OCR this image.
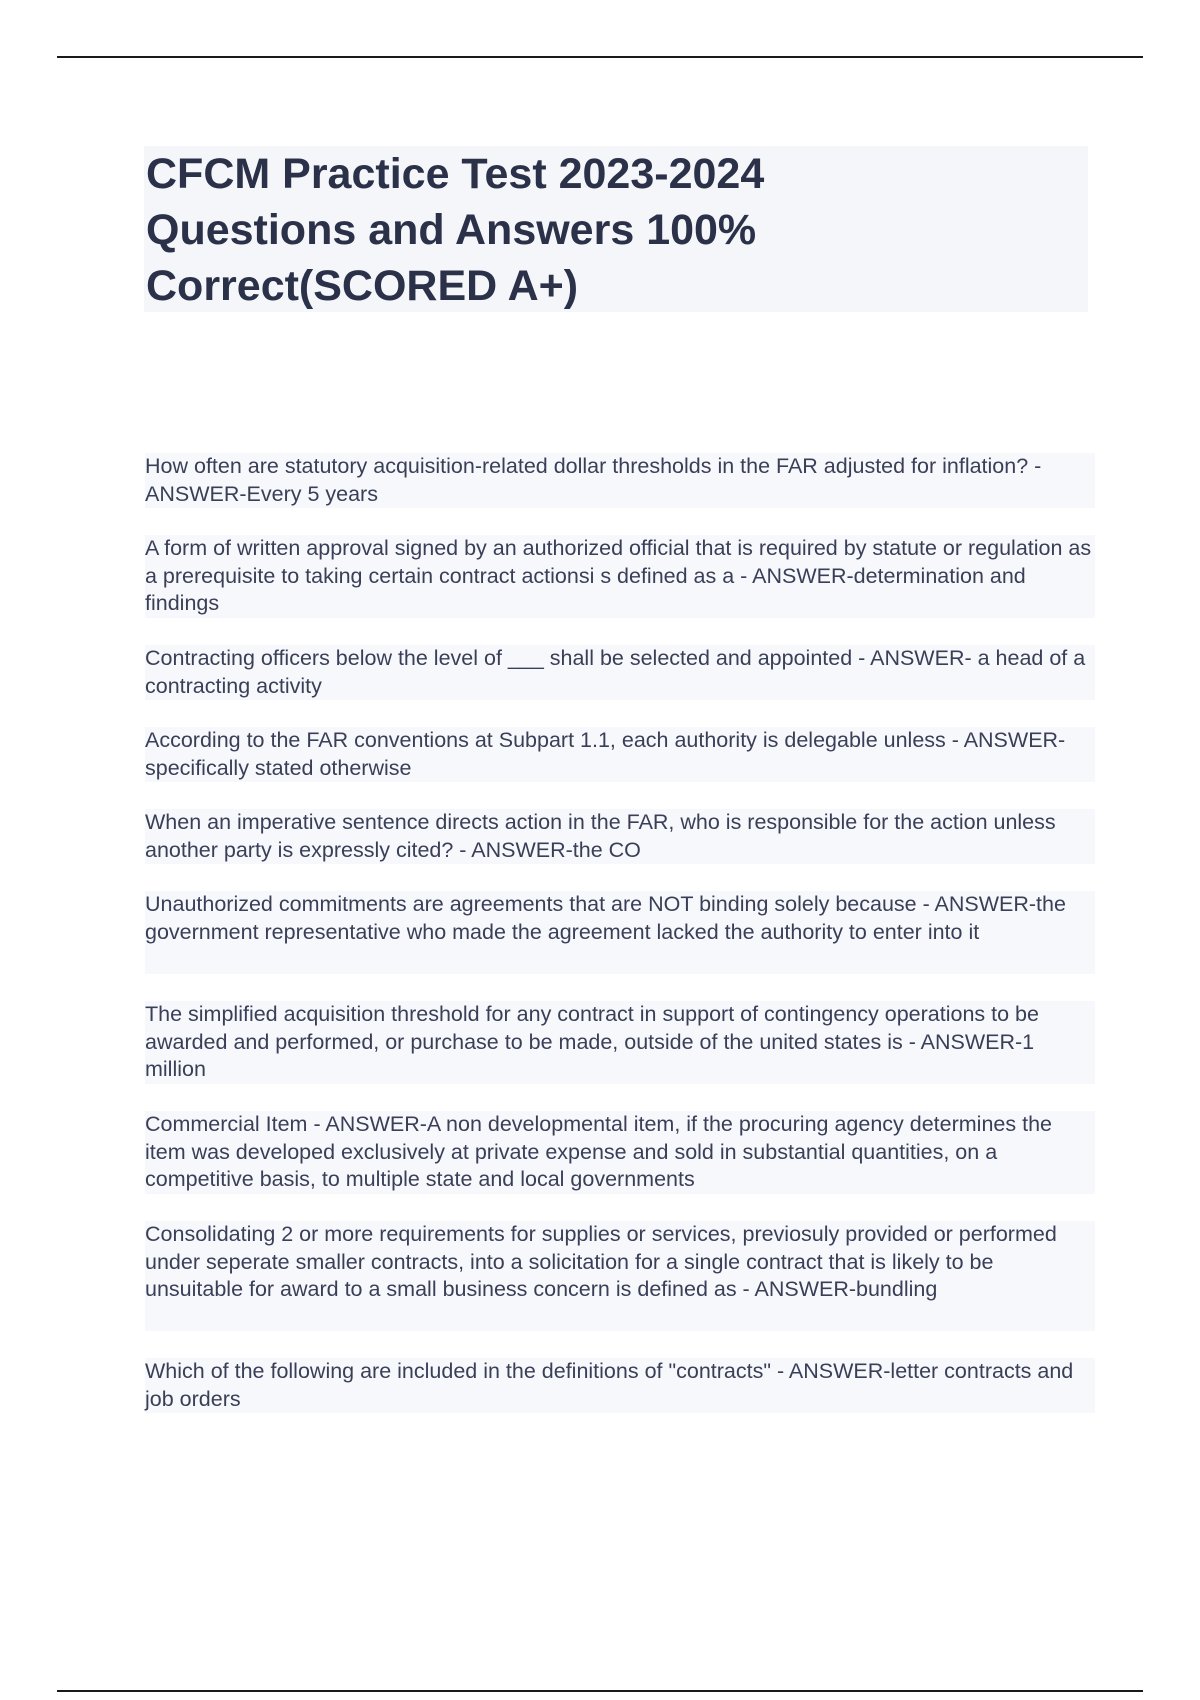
CFCM Practice Test 2023-2024
Questions and Answers 100%
Correct(SCORED A+)
How often are statutory acquisition-related dollar thresholds in the FAR adjusted for inflation? - ANSWER-Every 5 years
A form of written approval signed by an authorized official that is required by statute or regulation as a prerequisite to taking certain contract actionsi s defined as a - ANSWER-determination and findings
Contracting officers below the level of ___ shall be selected and appointed - ANSWER- a head of a contracting activity
According to the FAR conventions at Subpart 1.1, each authority is delegable unless - ANSWER-specifically stated otherwise
When an imperative sentence directs action in the FAR, who is responsible for the action unless another party is expressly cited? - ANSWER-the CO
Unauthorized commitments are agreements that are NOT binding solely because - ANSWER-the government representative who made the agreement lacked the authority to enter into it
The simplified acquisition threshold for any contract in support of contingency operations to be awarded and performed, or purchase to be made, outside of the united states is - ANSWER-1 million
Commercial Item - ANSWER-A non developmental item, if the procuring agency determines the item was developed exclusively at private expense and sold in substantial quantities, on a competitive basis, to multiple state and local governments
Consolidating 2 or more requirements for supplies or services, previosuly provided or performed under seperate smaller contracts, into a solicitation for a single contract that is likely to be unsuitable for award to a small business concern is defined as - ANSWER-bundling
Which of the following are included in the definitions of "contracts" - ANSWER-letter contracts and job orders
